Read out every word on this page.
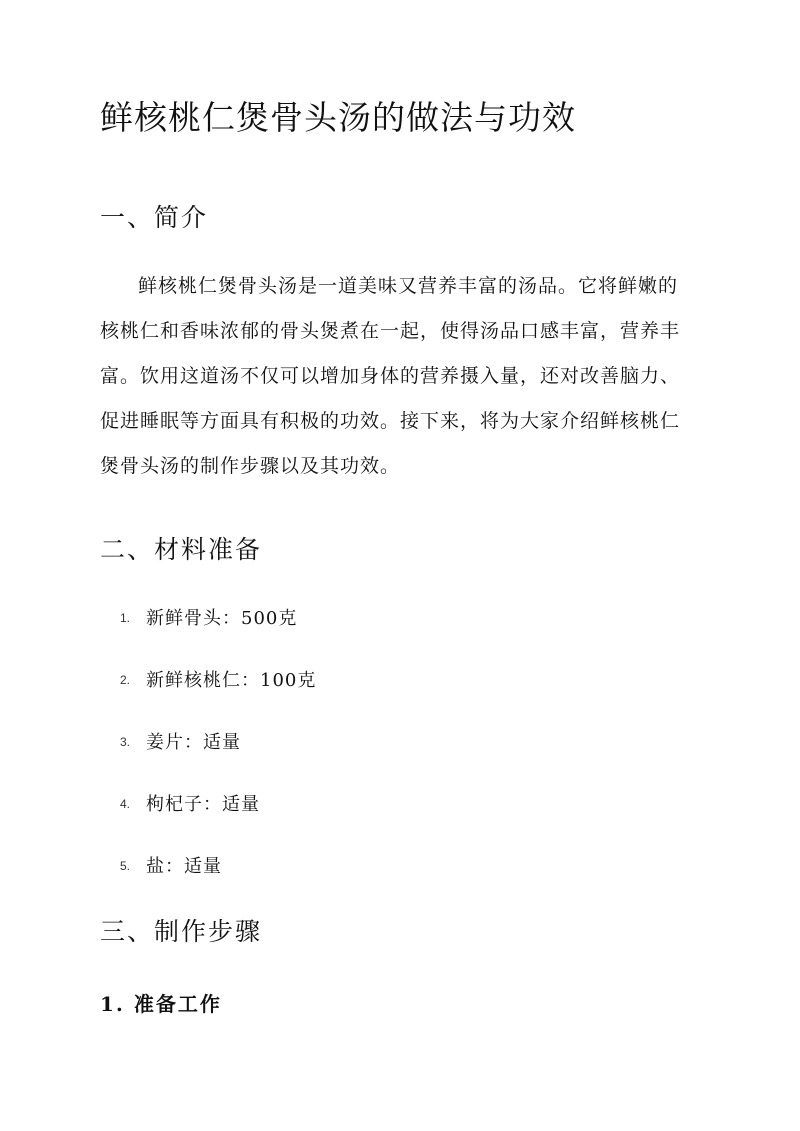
鲜核桃仁煲骨头汤的做法与功效
一、简介
鲜核桃仁煲骨头汤是一道美味又营养丰富的汤品。它将鲜嫩的
核桃仁和香味浓郁的骨头煲煮在一起，使得汤品口感丰富，营养丰
富。饮用这道汤不仅可以增加身体的营养摄入量，还对改善脑力、
促进睡眠等方面具有积极的功效。接下来，将为大家介绍鲜核桃仁
煲骨头汤的制作步骤以及其功效。
二、材料准备
1. 新鲜骨头：500克
2. 新鲜核桃仁：100克
3. 姜片：适量
4. 枸杞子：适量
5. 盐：适量
三、制作步骤
1. 准备工作
